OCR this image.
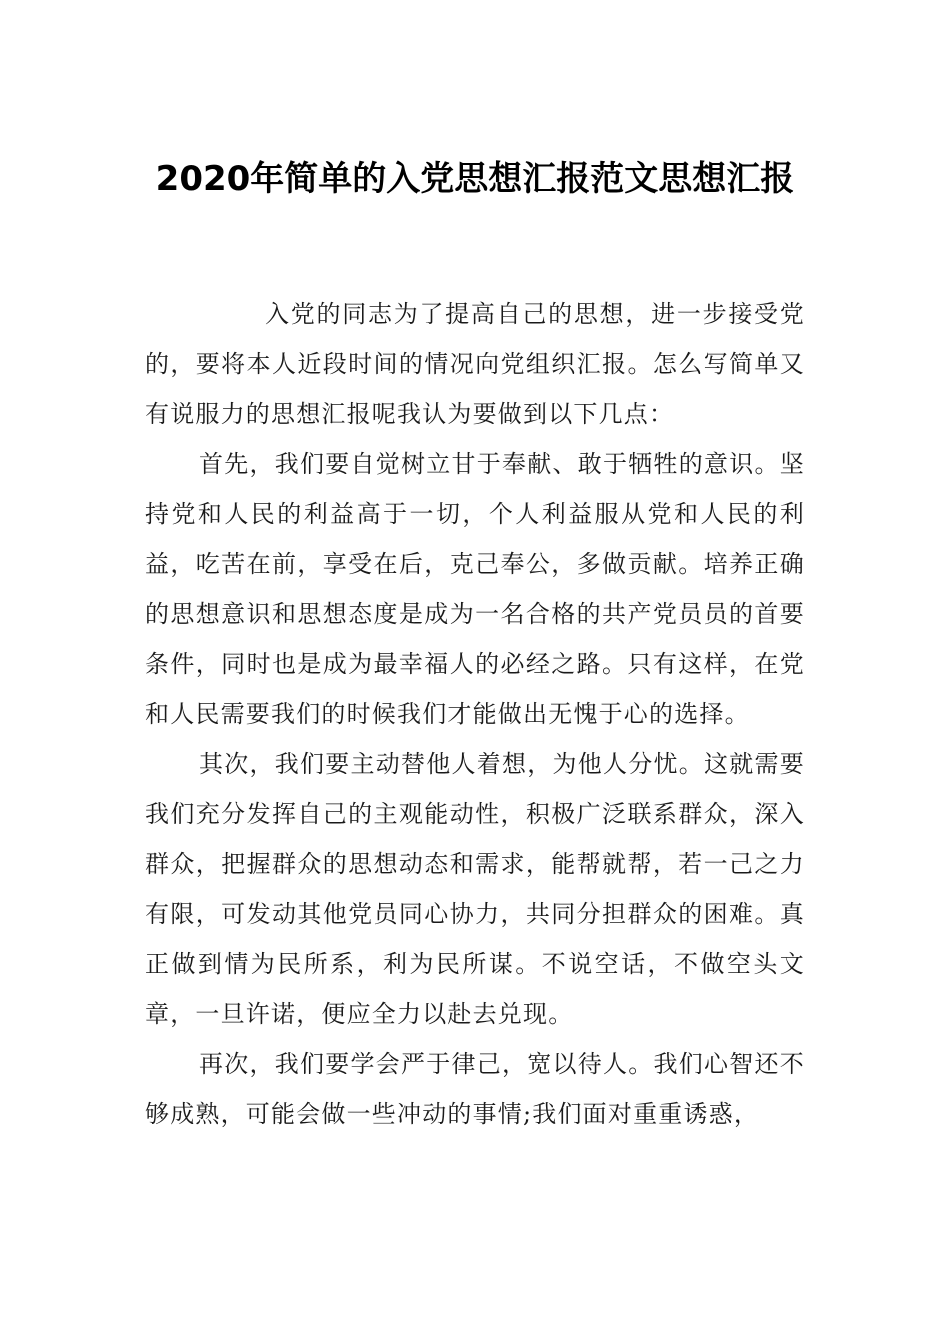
2020年简单的入党思想汇报范文思想汇报

入党的同志为了提高自己的思想，进一步接受党的，要将本人近段时间的情况向党组织汇报。怎么写简单又有说服力的思想汇报呢我认为要做到以下几点：

首先，我们要自觉树立甘于奉献、敢于牺牲的意识。坚持党和人民的利益高于一切，个人利益服从党和人民的利益，吃苦在前，享受在后，克己奉公，多做贡献。培养正确的思想意识和思想态度是成为一名合格的共产党员员的首要条件，同时也是成为最幸福人的必经之路。只有这样，在党和人民需要我们的时候我们才能做出无愧于心的选择。

其次，我们要主动替他人着想，为他人分忧。这就需要我们充分发挥自己的主观能动性，积极广泛联系群众，深入群众，把握群众的思想动态和需求，能帮就帮，若一己之力有限，可发动其他党员同心协力，共同分担群众的困难。真正做到情为民所系，利为民所谋。不说空话，不做空头文章，一旦许诺，便应全力以赴去兑现。

再次，我们要学会严于律己，宽以待人。我们心智还不够成熟，可能会做一些冲动的事情;我们面对重重诱惑，
